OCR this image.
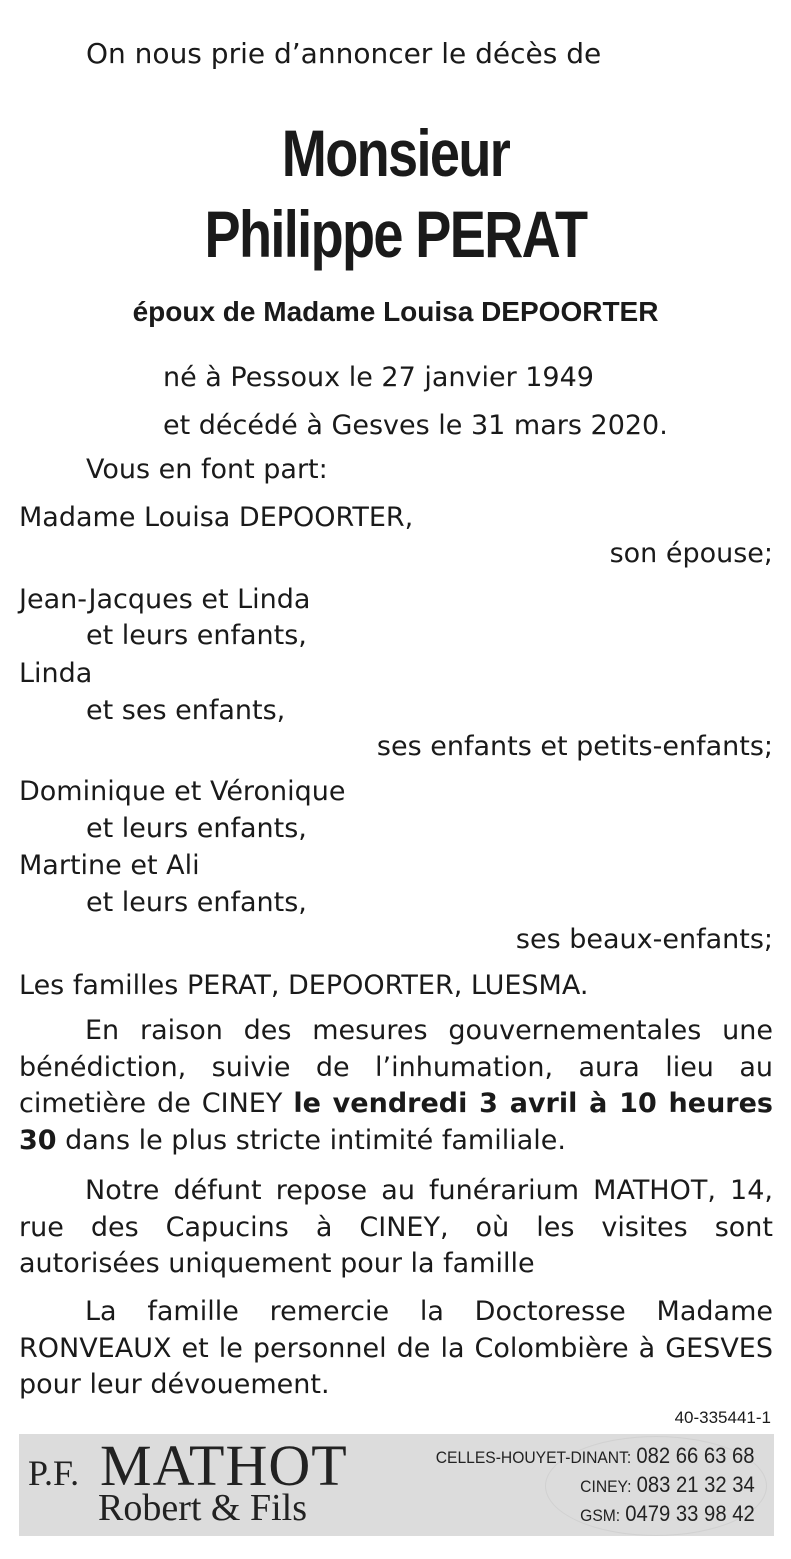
On nous prie d’annoncer le décès de
Monsieur
Philippe PERAT
époux de Madame Louisa DEPOORTER
né à Pessoux le 27 janvier 1949
et décédé à Gesves le 31 mars 2020.
Vous en font part:
Madame Louisa DEPOORTER,
son épouse;
Jean-Jacques et Linda
et leurs enfants,
Linda
et ses enfants,
ses enfants et petits-enfants;
Dominique et Véronique
et leurs enfants,
Martine et Ali
et leurs enfants,
ses beaux-enfants;
Les familles PERAT, DEPOORTER, LUESMA.
En raison des mesures gouvernementales une bénédiction, suivie de l’inhumation, aura lieu au cimetière de CINEY le vendredi 3 avril à 10 heures 30 dans le plus stricte intimité familiale.
Notre défunt repose au funérarium MATHOT, 14, rue des Capucins à CINEY, où les visites sont autorisées uniquement pour la famille
La famille remercie la Doctoresse Madame RONVEAUX et le personnel de la Colombière à GESVES pour leur dévouement.
40-335441-1
P.F. MATHOT
Robert & Fils
CELLES-HOUYET-DINANT: 082 66 63 68
CINEY: 083 21 32 34
GSM: 0479 33 98 42
